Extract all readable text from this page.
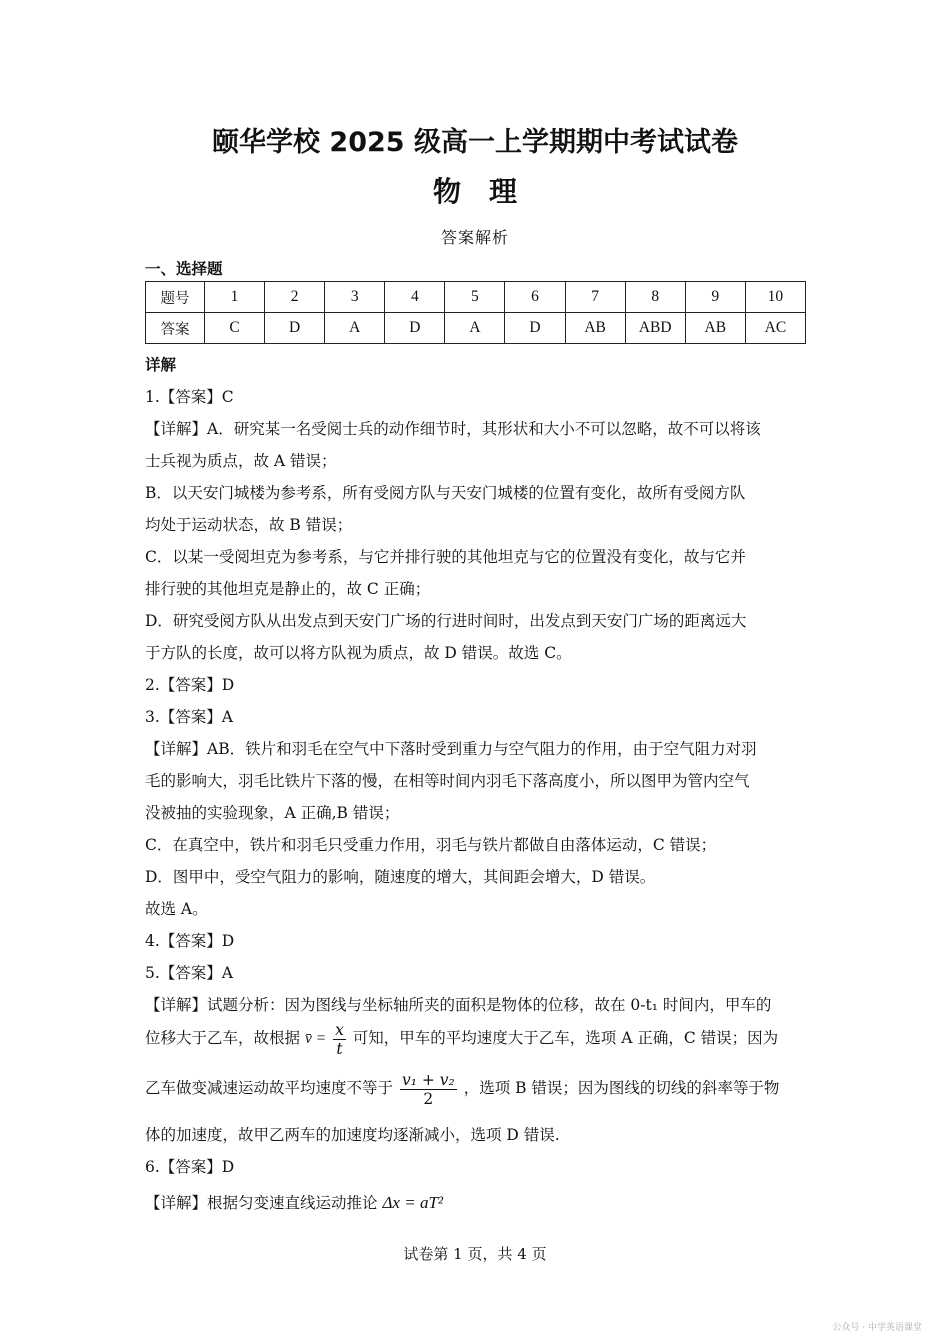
颐华学校 2025 级高一上学期期中考试试卷
物　理
答案解析
一、选择题
题号	1	2	3	4	5	6	7	8	9	10
答案	C	D	A	D	A	D	AB	ABD	AB	AC
详解
1.【答案】C
【详解】A．研究某一名受阅士兵的动作细节时，其形状和大小不可以忽略，故不可以将该
士兵视为质点，故 A 错误；
B．以天安门城楼为参考系，所有受阅方队与天安门城楼的位置有变化，故所有受阅方队
均处于运动状态，故 B 错误；
C．以某一受阅坦克为参考系，与它并排行驶的其他坦克与它的位置没有变化，故与它并
排行驶的其他坦克是静止的，故 C 正确；
D．研究受阅方队从出发点到天安门广场的行进时间时，出发点到天安门广场的距离远大
于方队的长度，故可以将方队视为质点，故 D 错误。故选 C。
2.【答案】D
3.【答案】A
【详解】AB．铁片和羽毛在空气中下落时受到重力与空气阻力的作用，由于空气阻力对羽
毛的影响大，羽毛比铁片下落的慢，在相等时间内羽毛下落高度小，所以图甲为管内空气
没被抽的实验现象，A 正确,B 错误；
C．在真空中，铁片和羽毛只受重力作用，羽毛与铁片都做自由落体运动，C 错误；
D．图甲中，受空气阻力的影响，随速度的增大，其间距会增大，D 错误。
故选 A。
4.【答案】D
5.【答案】A
【详解】试题分析：因为图线与坐标轴所夹的面积是物体的位移，故在 0-t₁ 时间内，甲车的
位移大于乙车，故根据 v̄ = $\frac{x}{t}$ 可知，甲车的平均速度大于乙车，选项 A 正确，C 错误；因为
乙车做变减速运动故平均速度不等于 $\frac{\text{v₁ + v₂}}{2}$ ，选项 B 错误；因为图线的切线的斜率等于物
体的加速度，故甲乙两车的加速度均逐渐减小，选项 D 错误.
6.【答案】D
【详解】根据匀变速直线运动推论 Δx = aT²
试卷第 1 页，共 4 页
公众号 · 中学英语课堂
